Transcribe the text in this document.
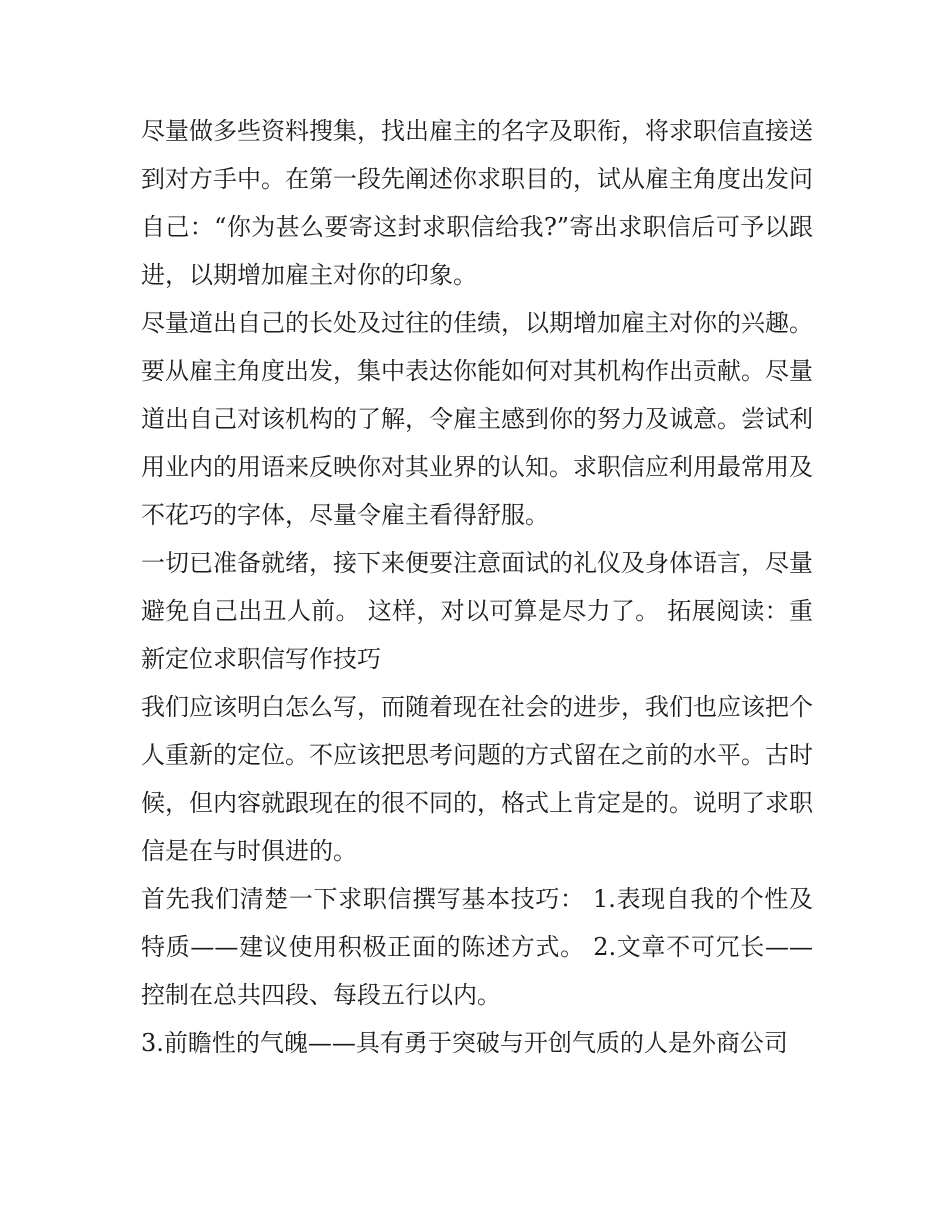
尽量做多些资料搜集，找出雇主的名字及职衔，将求职信直接送到对方手中。在第一段先阐述你求职目的，试从雇主角度出发问自己：“你为甚么要寄这封求职信给我?”寄出求职信后可予以跟进，以期增加雇主对你的印象。

尽量道出自己的长处及过往的佳绩，以期增加雇主对你的兴趣。要从雇主角度出发，集中表达你能如何对其机构作出贡献。尽量道出自己对该机构的了解，令雇主感到你的努力及诚意。尝试利用业内的用语来反映你对其业界的认知。求职信应利用最常用及不花巧的字体，尽量令雇主看得舒服。

一切已准备就绪，接下来便要注意面试的礼仪及身体语言，尽量避免自己出丑人前。 这样，对以可算是尽力了。 拓展阅读：重新定位求职信写作技巧

我们应该明白怎么写，而随着现在社会的进步，我们也应该把个人重新的定位。不应该把思考问题的方式留在之前的水平。古时候，但内容就跟现在的很不同的，格式上肯定是的。说明了求职信是在与时俱进的。

首先我们清楚一下求职信撰写基本技巧： 1.表现自我的个性及特质——建议使用积极正面的陈述方式。 2.文章不可冗长——控制在总共四段、每段五行以内。

3.前瞻性的气魄——具有勇于突破与开创气质的人是外商公司
